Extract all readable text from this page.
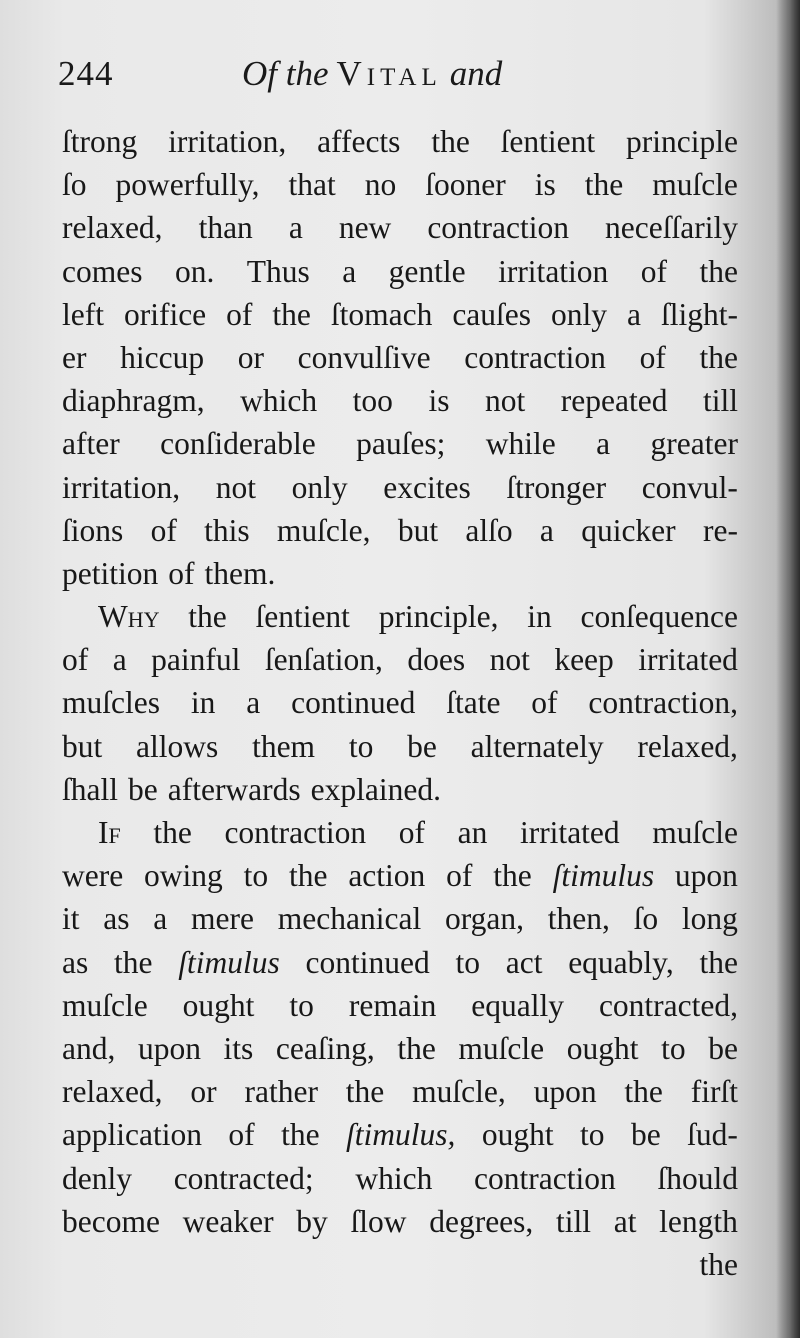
244	Of the Vital and
ſtrong irritation, affects the ſentient principle
ſo powerfully, that no ſooner is the muſcle
relaxed, than a new contraction neceſſarily
comes on. Thus a gentle irritation of the
left orifice of the ſtomach cauſes only a ſlight-
er hiccup or convulſive contraction of the
diaphragm, which too is not repeated till
after conſiderable pauſes; while a greater
irritation, not only excites ſtronger convul-
ſions of this muſcle, but alſo a quicker re-
petition of them.
Why the ſentient principle, in conſequence
of a painful ſenſation, does not keep irritated
muſcles in a continued ſtate of contraction,
but allows them to be alternately relaxed,
ſhall be afterwards explained.
If the contraction of an irritated muſcle
were owing to the action of the ſtimulus upon
it as a mere mechanical organ, then, ſo long
as the ſtimulus continued to act equably, the
muſcle ought to remain equally contracted,
and, upon its ceaſing, the muſcle ought to be
relaxed, or rather the muſcle, upon the firſt
application of the ſtimulus, ought to be ſud-
denly contracted; which contraction ſhould
become weaker by ſlow degrees, till at length
the
